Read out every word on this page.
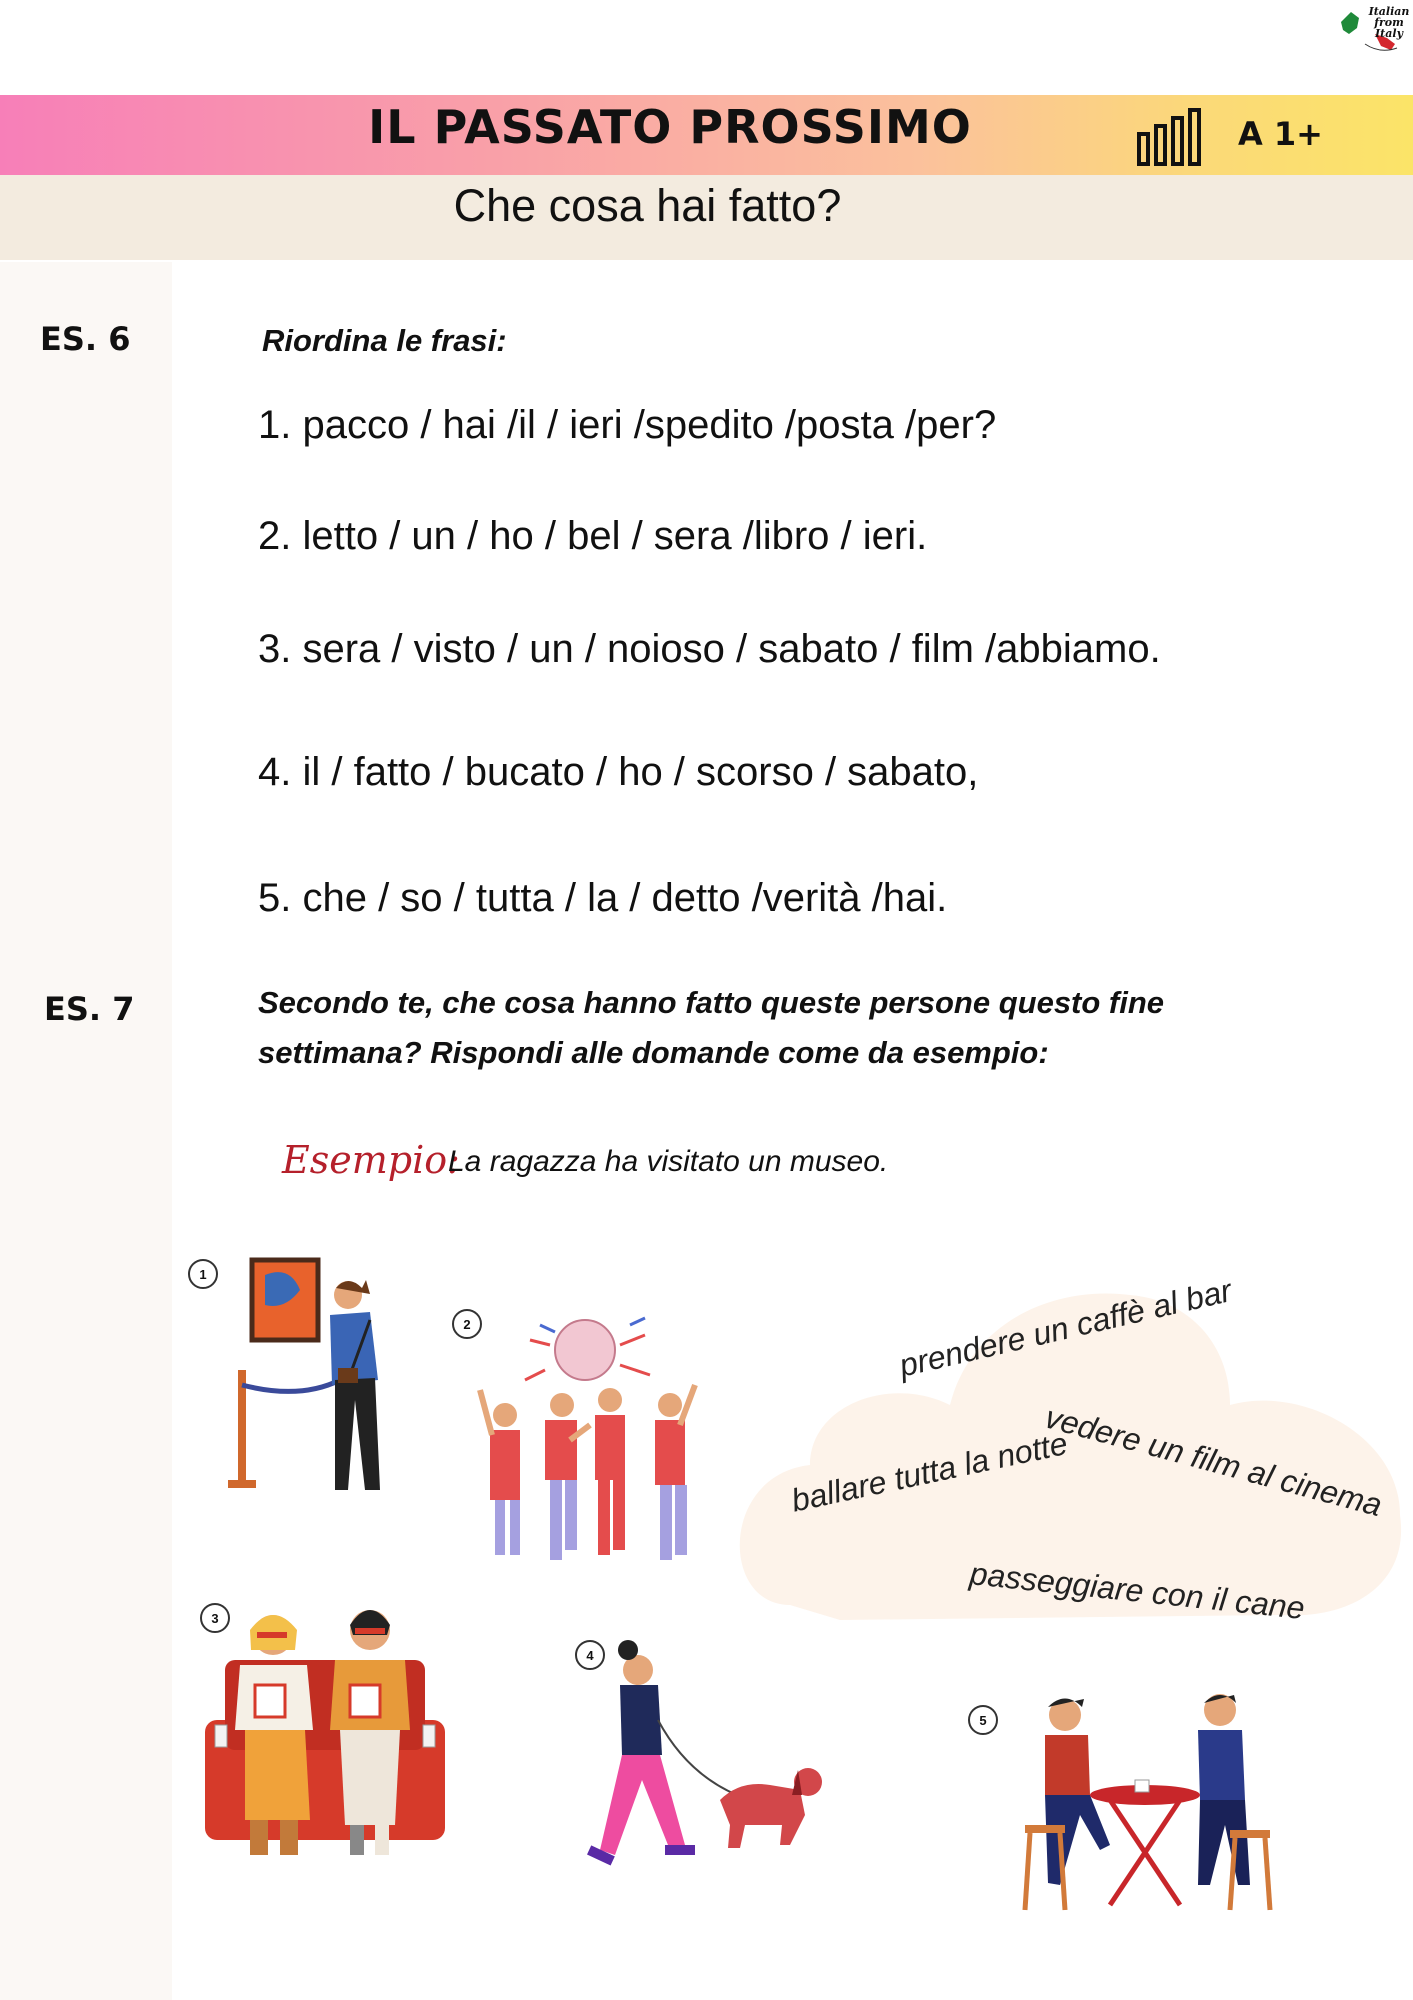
Italian
from
Italy
IL PASSATO PROSSIMO	A 1+
Che cosa hai fatto?
ES. 6	Riordina le frasi:
1. pacco / hai /il / ieri /spedito /posta /per?
2. letto / un / ho / bel / sera /libro / ieri.
3. sera / visto / un / noioso / sabato / film /abbiamo.
4. il / fatto / bucato / ho / scorso / sabato,
5. che / so / tutta / la / detto /verità /hai.
ES. 7	Secondo te, che cosa hanno fatto queste persone questo fine
settimana? Rispondi alle domande come da esempio:
Esempio:
La ragazza ha visitato un museo.
prendere un caffè al bar
vedere un film al cinema
ballare tutta la notte
passeggiare con il cane
1
2
3
4
5
